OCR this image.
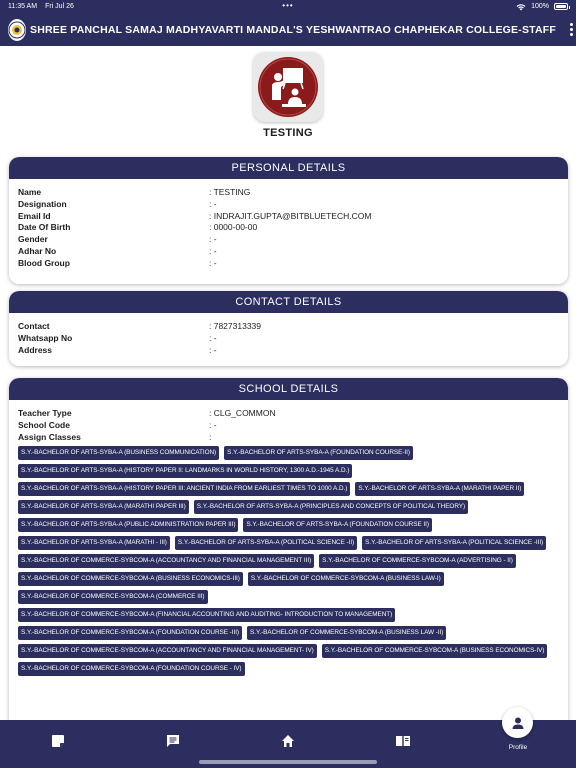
11:35 AM Fri Jul 26	•••	100%
SHREE PANCHAL SAMAJ MADHYAVARTI MANDAL'S YESHWANTRAO CHAPHEKAR COLLEGE-STAFF
TESTING
PERSONAL DETAILS
Name	: TESTING
Designation	: -
Email Id	: INDRAJIT.GUPTA@BITBLUETECH.COM
Date Of Birth	: 0000-00-00
Gender	: -
Adhar No	: -
Blood Group	: -
CONTACT DETAILS
Contact	: 7827313339
Whatsapp No	: -
Address	: -
SCHOOL DETAILS
Teacher Type	: CLG_COMMON
School Code	: -
Assign Classes	:
S.Y.-BACHELOR OF ARTS-SYBA-A (BUSINESS COMMUNICATION)	S.Y.-BACHELOR OF ARTS-SYBA-A (FOUNDATION COURSE-II)
S.Y.-BACHELOR OF ARTS-SYBA-A (HISTORY PAPER II: LANDMARKS IN WORLD HISTORY, 1300 A.D.-1945 A.D.)
S.Y.-BACHELOR OF ARTS-SYBA-A (HISTORY PAPER III: ANCIENT INDIA FROM EARLIEST TIMES TO 1000 A.D.)	S.Y.-BACHELOR OF ARTS-SYBA-A (MARATHI PAPER II)
S.Y.-BACHELOR OF ARTS-SYBA-A (MARATHI PAPER III)	S.Y.-BACHELOR OF ARTS-SYBA-A (PRINCIPLES AND CONCEPTS OF POLITICAL THEORY)
S.Y.-BACHELOR OF ARTS-SYBA-A (PUBLIC ADMINISTRATION PAPER III)	S.Y.-BACHELOR OF ARTS-SYBA-A (FOUNDATION COURSE II)
S.Y.-BACHELOR OF ARTS-SYBA-A (MARATHI - III)	S.Y.-BACHELOR OF ARTS-SYBA-A (POLITICAL SCIENCE -II)	S.Y.-BACHELOR OF ARTS-SYBA-A (POLITICAL SCIENCE -III)
S.Y.-BACHELOR OF COMMERCE-SYBCOM-A (ACCOUNTANCY AND FINANCIAL MANAGEMENT III)	S.Y.-BACHELOR OF COMMERCE-SYBCOM-A (ADVERTISING - II)
S.Y.-BACHELOR OF COMMERCE-SYBCOM-A (BUSINESS ECONOMICS-III)	S.Y.-BACHELOR OF COMMERCE-SYBCOM-A (BUSINESS LAW-I)
S.Y.-BACHELOR OF COMMERCE-SYBCOM-A (COMMERCE III)
S.Y.-BACHELOR OF COMMERCE-SYBCOM-A (FINANCIAL ACCOUNTING AND AUDITING- INTRODUCTION TO MANAGEMENT)
S.Y.-BACHELOR OF COMMERCE-SYBCOM-A (FOUNDATION COURSE -III)	S.Y.-BACHELOR OF COMMERCE-SYBCOM-A (BUSINESS LAW -II)
S.Y.-BACHELOR OF COMMERCE-SYBCOM-A (ACCOUNTANCY AND FINANCIAL MANAGEMENT- IV)	S.Y.-BACHELOR OF COMMERCE-SYBCOM-A (BUSINESS ECONOMICS-IV)
S.Y.-BACHELOR OF COMMERCE-SYBCOM-A (FOUNDATION COURSE - IV)
Profile
